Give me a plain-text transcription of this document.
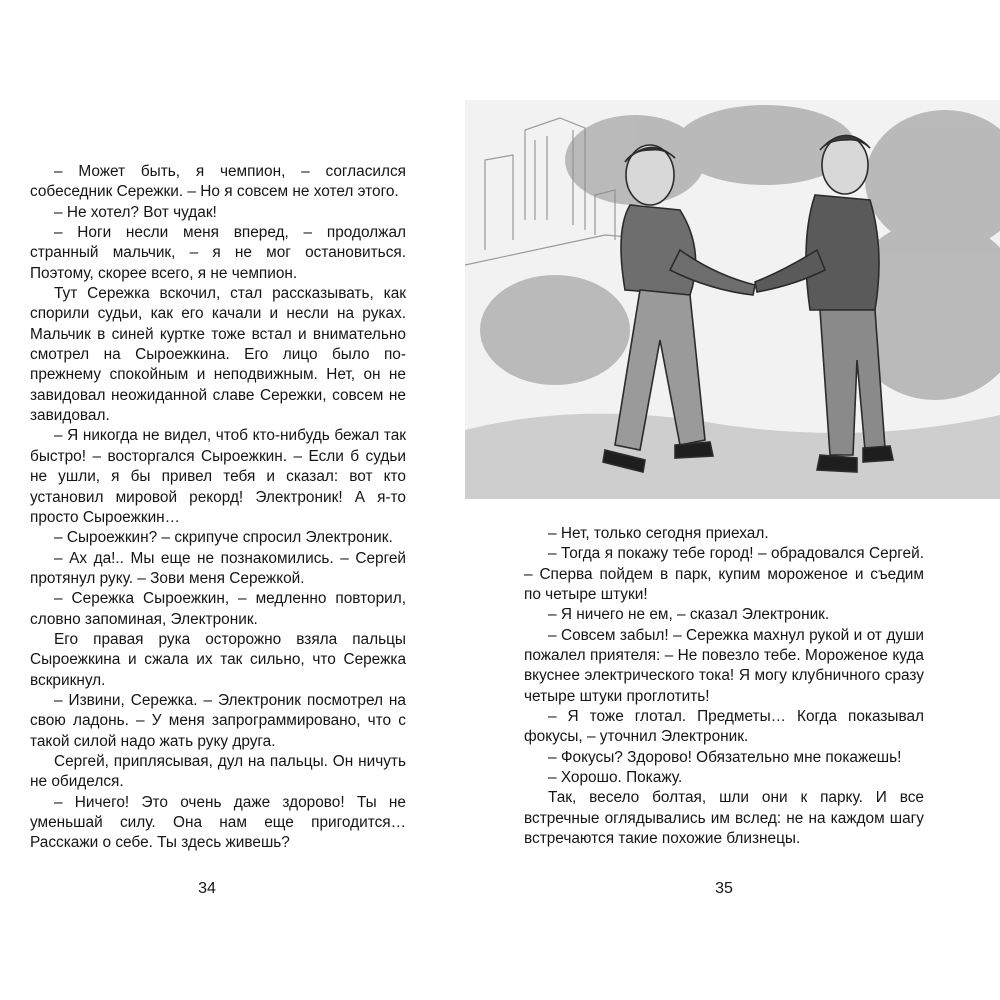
– Может быть, я чемпион, – согласился собеседник Сережки. – Но я совсем не хотел этого.

– Не хотел? Вот чудак!

– Ноги несли меня вперед, – продолжал странный мальчик, – я не мог остановиться. Поэтому, скорее всего, я не чемпион.

Тут Сережка вскочил, стал рассказывать, как спорили судьи, как его качали и несли на руках. Мальчик в синей куртке тоже встал и внимательно смотрел на Сыроежкина. Его лицо было по-прежнему спокойным и неподвижным. Нет, он не завидовал неожиданной славе Сережки, совсем не завидовал.

– Я никогда не видел, чтоб кто-нибудь бежал так быстро! – восторгался Сыроежкин. – Если б судьи не ушли, я бы привел тебя и сказал: вот кто установил мировой рекорд! Электроник! А я-то просто Сыроежкин…

– Сыроежкин? – скрипуче спросил Электроник.

– Ах да!.. Мы еще не познакомились. – Сергей протянул руку. – Зови меня Сережкой.

– Сережка Сыроежкин, – медленно повторил, словно запоминая, Электроник.

Его правая рука осторожно взяла пальцы Сыроежкина и сжала их так сильно, что Сережка вскрикнул.

– Извини, Сережка. – Электроник посмотрел на свою ладонь. – У меня запрограммировано, что с такой силой надо жать руку друга.

Сергей, приплясывая, дул на пальцы. Он ничуть не обиделся.

– Ничего! Это очень даже здорово! Ты не уменьшай силу. Она нам еще пригодится… Расскажи о себе. Ты здесь живешь?

34

– Нет, только сегодня приехал.

– Тогда я покажу тебе город! – обрадовался Сергей. – Сперва пойдем в парк, купим мороженое и съедим по четыре штуки!

– Я ничего не ем, – сказал Электроник.

– Совсем забыл! – Сережка махнул рукой и от души пожалел приятеля: – Не повезло тебе. Мороженое куда вкуснее электрического тока! Я могу клубничного сразу четыре штуки проглотить!

– Я тоже глотал. Предметы… Когда показывал фокусы, – уточнил Электроник.

– Фокусы? Здорово! Обязательно мне покажешь!

– Хорошо. Покажу.

Так, весело болтая, шли они к парку. И все встречные оглядывались им вслед: не на каждом шагу встречаются такие похожие близнецы.

35
